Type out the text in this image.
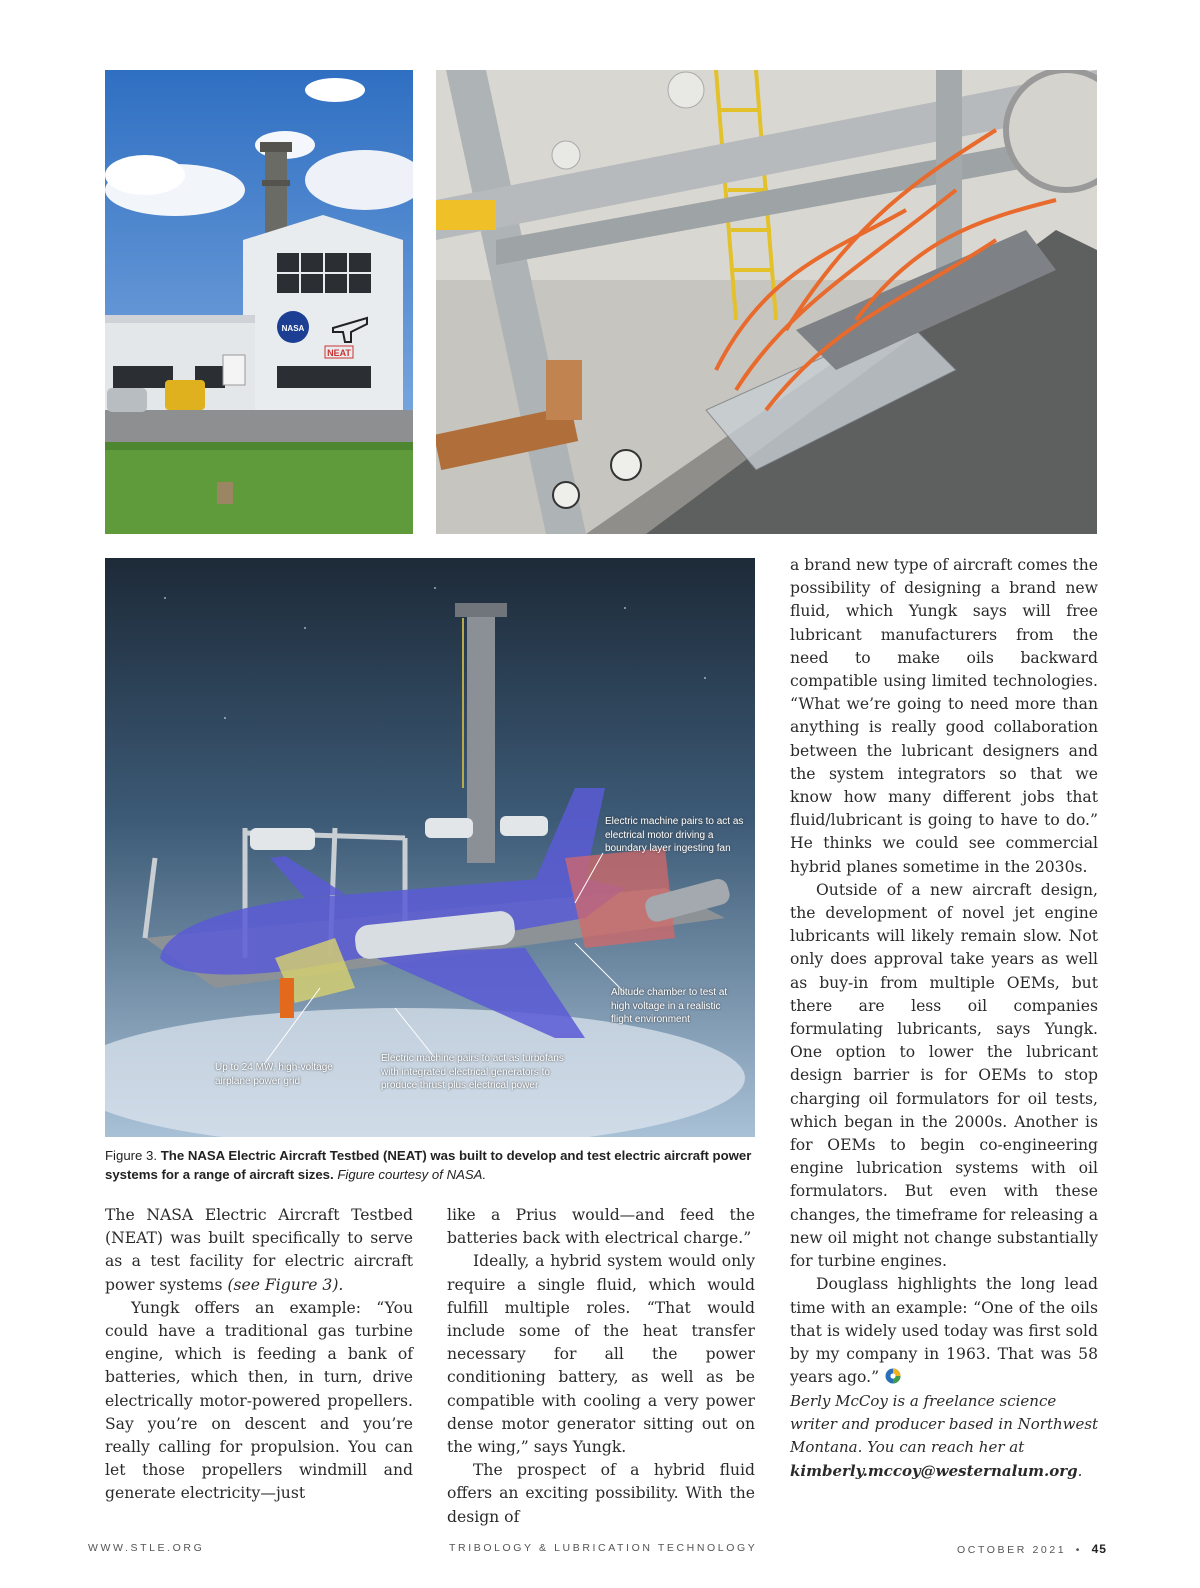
NASA
NEAT
Electric machine pairs to act as electrical motor driving a boundary layer ingesting fan
Altitude chamber to test at high voltage in a realistic flight environment
Up to 24 MW, high-voltage airplane power grid
Electric machine pairs to act as turbofans with integrated electrical generators to produce thrust plus electrical power
Figure 3. The NASA Electric Aircraft Testbed (NEAT) was built to develop and test electric aircraft power systems for a range of aircraft sizes. Figure courtesy of NASA.

The NASA Electric Aircraft Testbed (NEAT) was built specifically to serve as a test facility for electric aircraft power systems (see Figure 3).

Yungk offers an example: “You could have a traditional gas turbine engine, which is feeding a bank of batteries, which then, in turn, drive electrically motor-powered propellers. Say you’re on descent and you’re really calling for propulsion. You can let those propellers windmill and generate electricity—just

like a Prius would—and feed the batteries back with electrical charge.”

Ideally, a hybrid system would only require a single fluid, which would fulfill multiple roles. “That would include some of the heat transfer necessary for all the power conditioning battery, as well as be compatible with cooling a very power dense motor generator sitting out on the wing,” says Yungk.

The prospect of a hybrid fluid offers an exciting possibility. With the design of

a brand new type of aircraft comes the possibility of designing a brand new fluid, which Yungk says will free lubricant manufacturers from the need to make oils backward compatible using limited technologies. “What we’re going to need more than anything is really good collaboration between the lubricant designers and the system integrators so that we know how many different jobs that fluid/lubricant is going to have to do.” He thinks we could see commercial hybrid planes sometime in the 2030s.

Outside of a new aircraft design, the development of novel jet engine lubricants will likely remain slow. Not only does approval take years as well as buy-in from multiple OEMs, but there are less oil companies formulating lubricants, says Yungk. One option to lower the lubricant design barrier is for OEMs to stop charging oil formulators for oil tests, which began in the 2000s. Another is for OEMs to begin co-engineering engine lubrication systems with oil formulators. But even with these changes, the timeframe for releasing a new oil might not change substantially for turbine engines.

Douglass highlights the long lead time with an example: “One of the oils that is widely used today was first sold by my company in 1963. That was 58 years ago.”

Berly McCoy is a freelance science writer and producer based in Northwest Montana. You can reach her at kimberly.mccoy@westernalum.org.
WWW.STLE.ORG	TRIBOLOGY & LUBRICATION TECHNOLOGY	OCTOBER 2021 • 45
